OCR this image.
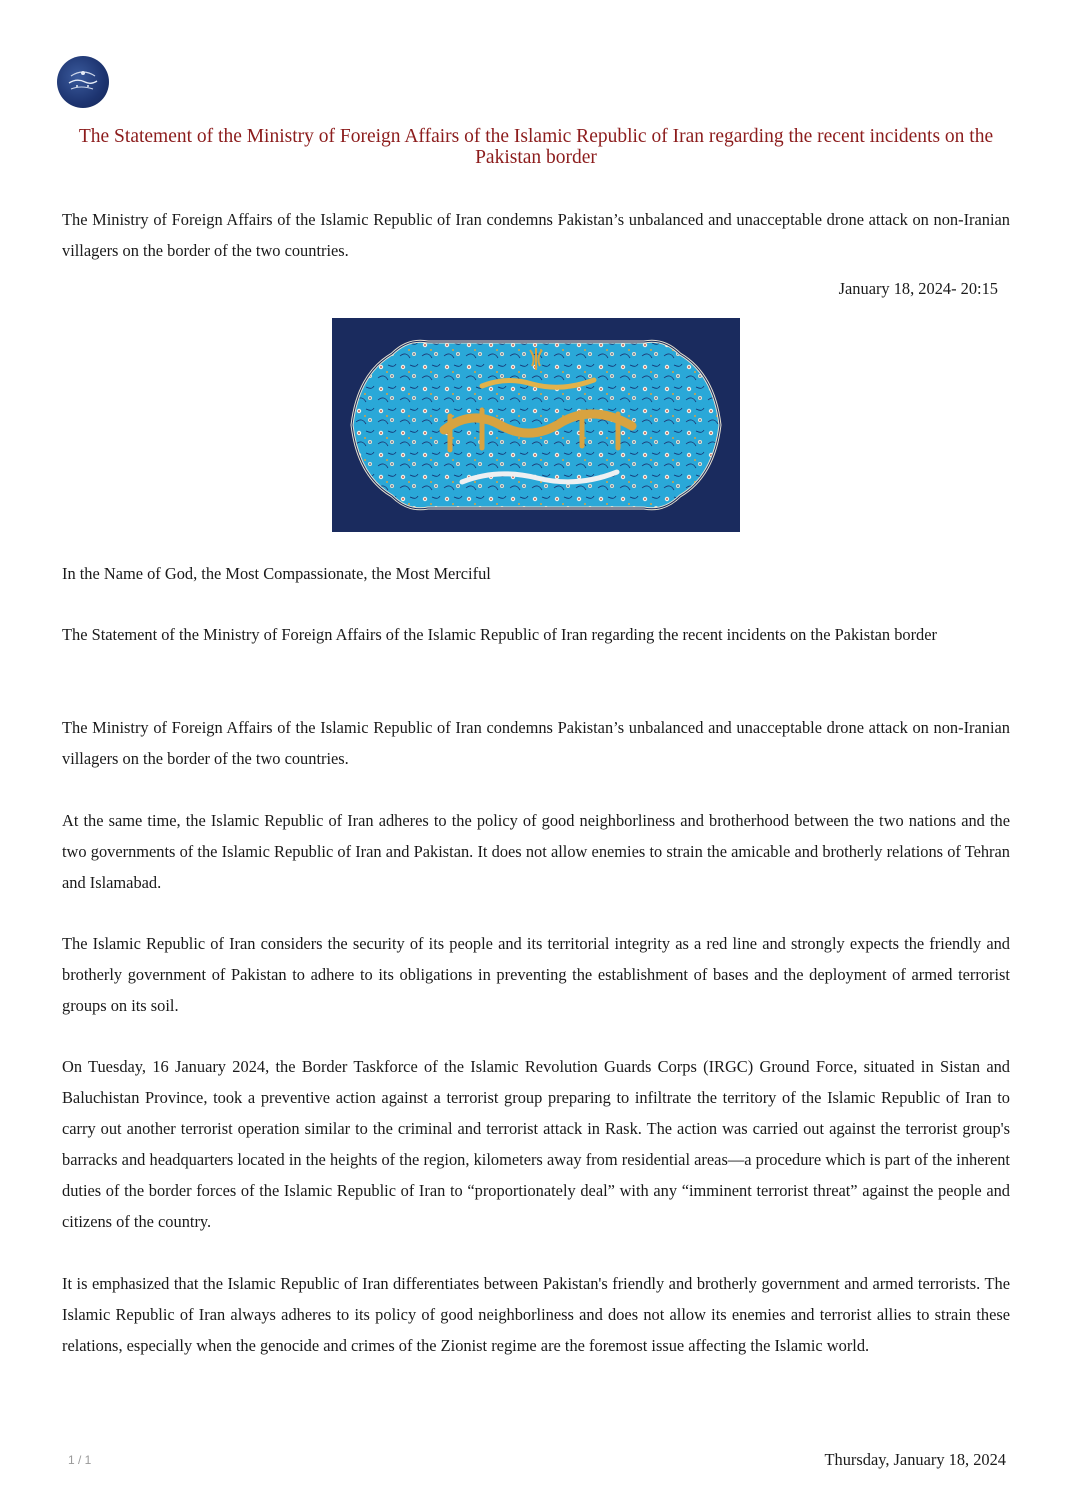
The Statement of the Ministry of Foreign Affairs of the Islamic Republic of Iran regarding the recent incidents on the Pakistan border

The Ministry of Foreign Affairs of the Islamic Republic of Iran condemns Pakistan’s unbalanced and unacceptable drone attack on non-Iranian villagers on the border of the two countries.

January 18, 2024- 20:15

In the Name of God, the Most Compassionate, the Most Merciful

The Statement of the Ministry of Foreign Affairs of the Islamic Republic of Iran regarding the recent incidents on the Pakistan border

The Ministry of Foreign Affairs of the Islamic Republic of Iran condemns Pakistan’s unbalanced and unacceptable drone attack on non-Iranian villagers on the border of the two countries.

At the same time, the Islamic Republic of Iran adheres to the policy of good neighborliness and brotherhood between the two nations and the two governments of the Islamic Republic of Iran and Pakistan. It does not allow enemies to strain the amicable and brotherly relations of Tehran and Islamabad.

The Islamic Republic of Iran considers the security of its people and its territorial integrity as a red line and strongly expects the friendly and brotherly government of Pakistan to adhere to its obligations in preventing the establishment of bases and the deployment of armed terrorist groups on its soil.

On Tuesday, 16 January 2024, the Border Taskforce of the Islamic Revolution Guards Corps (IRGC) Ground Force, situated in Sistan and Baluchistan Province, took a preventive action against a terrorist group preparing to infiltrate the territory of the Islamic Republic of Iran to carry out another terrorist operation similar to the criminal and terrorist attack in Rask. The action was carried out against the terrorist group's barracks and headquarters located in the heights of the region, kilometers away from residential areas—a procedure which is part of the inherent duties of the border forces of the Islamic Republic of Iran to “proportionately deal” with any “imminent terrorist threat” against the people and citizens of the country.

It is emphasized that the Islamic Republic of Iran differentiates between Pakistan's friendly and brotherly government and armed terrorists. The Islamic Republic of Iran always adheres to its policy of good neighborliness and does not allow its enemies and terrorist allies to strain these relations, especially when the genocide and crimes of the Zionist regime are the foremost issue affecting the Islamic world.

1 / 1	Thursday, January 18, 2024
